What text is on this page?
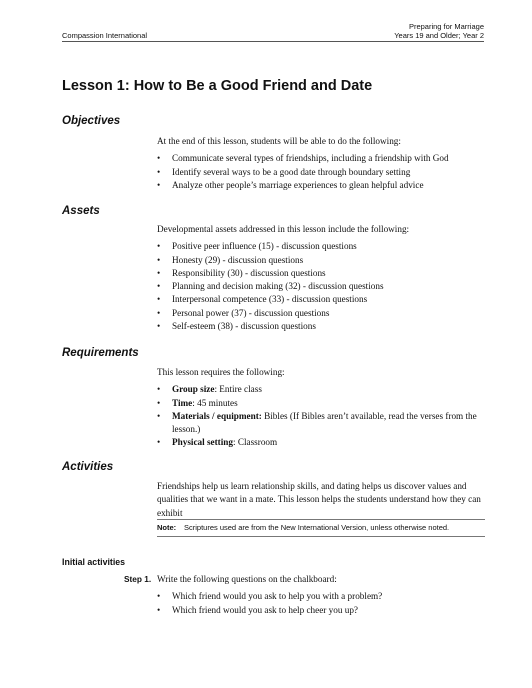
Compassion International
Preparing for Marriage
Years 19 and Older; Year 2
Lesson 1: How to Be a Good Friend and Date
Objectives

At the end of this lesson, students will be able to do the following:

• Communicate several types of friendships, including a friendship with God
• Identify several ways to be a good date through boundary setting
• Analyze other people’s marriage experiences to glean helpful advice
Assets

Developmental assets addressed in this lesson include the following:

• Positive peer influence (15) - discussion questions
• Honesty (29) - discussion questions
• Responsibility (30) - discussion questions
• Planning and decision making (32) - discussion questions
• Interpersonal competence (33) - discussion questions
• Personal power (37) - discussion questions
• Self-esteem (38) - discussion questions
Requirements

This lesson requires the following:

• Group size: Entire class
• Time: 45 minutes
• Materials / equipment: Bibles (If Bibles aren’t available, read the verses from the lesson.)
• Physical setting: Classroom
Activities

Friendships help us learn relationship skills, and dating helps us discover values and qualities that we want in a mate. This lesson helps the students understand how they can exhibit

Note: Scriptures used are from the New International Version, unless otherwise noted.
Initial activities
Step 1. Write the following questions on the chalkboard:

• Which friend would you ask to help you with a problem?
• Which friend would you ask to help cheer you up?
